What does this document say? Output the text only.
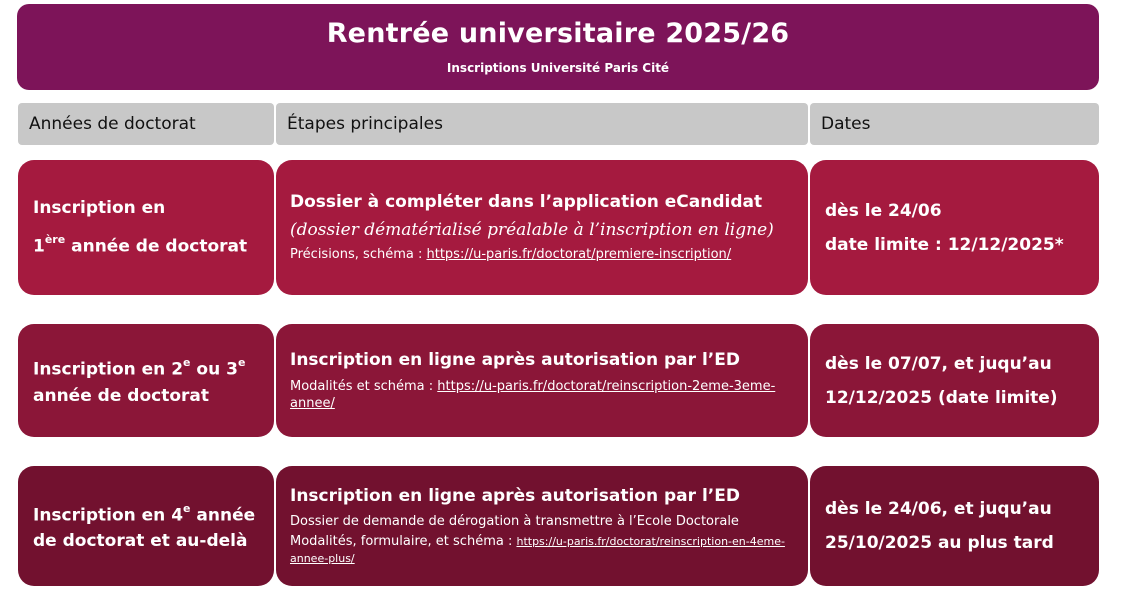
Rentrée universitaire 2025/26
Inscriptions Université Paris Cité
Années de doctorat	Étapes principales	Dates
Inscription en
1ère année de doctorat
Dossier à compléter dans l’application eCandidat
(dossier dématérialisé préalable à l’inscription en ligne)
Précisions, schéma : https://u-paris.fr/doctorat/premiere-inscription/
dès le 24/06
date limite : 12/12/2025*
Inscription en 2e ou 3e
année de doctorat
Inscription en ligne après autorisation par l’ED
Modalités et schéma : https://u-paris.fr/doctorat/reinscription-2eme-3eme-annee/
dès le 07/07, et juqu’au
12/12/2025 (date limite)
Inscription en 4e année
de doctorat et au-delà
Inscription en ligne après autorisation par l’ED
Dossier de demande de dérogation à transmettre à l’Ecole Doctorale
Modalités, formulaire, et schéma : https://u-paris.fr/doctorat/reinscription-en-4eme-annee-plus/
dès le 24/06, et juqu’au
25/10/2025 au plus tard
